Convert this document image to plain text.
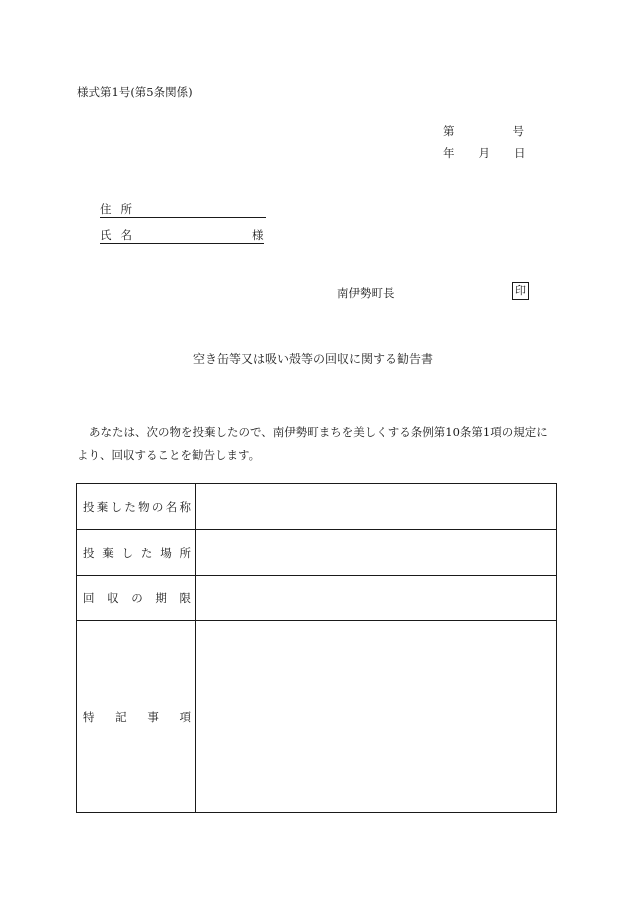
様式第1号(第5条関係)
第	号
年 月 日
住所
氏名	様
南伊勢町長	印
空き缶等又は吸い殻等の回収に関する勧告書

あなたは、次の物を投棄したので、南伊勢町まちを美しくする条例第10条第1項の規定に

より、回収することを勧告します。

投棄した物の名称	
投棄した場所	
回収の期限	
特記事項	
